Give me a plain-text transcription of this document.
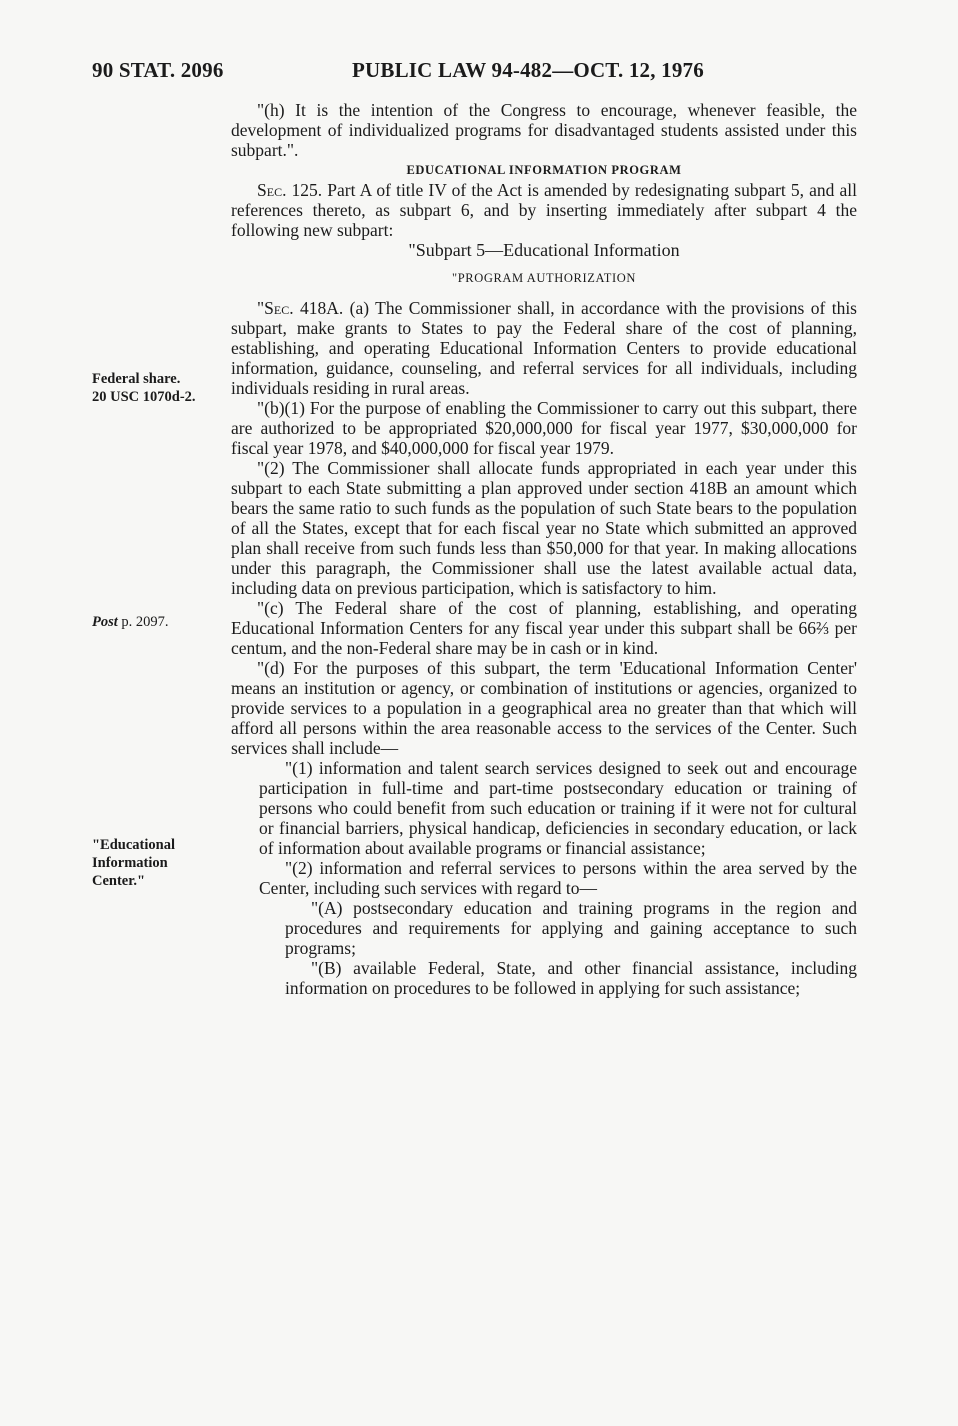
90 STAT. 2096	PUBLIC LAW 94-482—OCT. 12, 1976
Federal share.
20 USC 1070d-2.
Post p. 2097.
"Educational
Information
Center."

"(h) It is the intention of the Congress to encourage, whenever feasible, the development of individualized programs for disadvantaged students assisted under this subpart.".

EDUCATIONAL INFORMATION PROGRAM

Sec. 125. Part A of title IV of the Act is amended by redesignating subpart 5, and all references thereto, as subpart 6, and by inserting immediately after subpart 4 the following new subpart:

"Subpart 5—Educational Information

"PROGRAM AUTHORIZATION

"Sec. 418A. (a) The Commissioner shall, in accordance with the provisions of this subpart, make grants to States to pay the Federal share of the cost of planning, establishing, and operating Educational Information Centers to provide educational information, guidance, counseling, and referral services for all individuals, including individuals residing in rural areas.

"(b)(1) For the purpose of enabling the Commissioner to carry out this subpart, there are authorized to be appropriated $20,000,000 for fiscal year 1977, $30,000,000 for fiscal year 1978, and $40,000,000 for fiscal year 1979.

"(2) The Commissioner shall allocate funds appropriated in each year under this subpart to each State submitting a plan approved under section 418B an amount which bears the same ratio to such funds as the population of such State bears to the population of all the States, except that for each fiscal year no State which submitted an approved plan shall receive from such funds less than $50,000 for that year. In making allocations under this paragraph, the Commissioner shall use the latest available actual data, including data on previous participation, which is satisfactory to him.

"(c) The Federal share of the cost of planning, establishing, and operating Educational Information Centers for any fiscal year under this subpart shall be 66⅔ per centum, and the non-Federal share may be in cash or in kind.

"(d) For the purposes of this subpart, the term 'Educational Information Center' means an institution or agency, or combination of institutions or agencies, organized to provide services to a population in a geographical area no greater than that which will afford all persons within the area reasonable access to the services of the Center. Such services shall include—

"(1) information and talent search services designed to seek out and encourage participation in full-time and part-time postsecondary education or training of persons who could benefit from such education or training if it were not for cultural or financial barriers, physical handicap, deficiencies in secondary education, or lack of information about available programs or financial assistance;

"(2) information and referral services to persons within the area served by the Center, including such services with regard to—

"(A) postsecondary education and training programs in the region and procedures and requirements for applying and gaining acceptance to such programs;

"(B) available Federal, State, and other financial assistance, including information on procedures to be followed in applying for such assistance;
